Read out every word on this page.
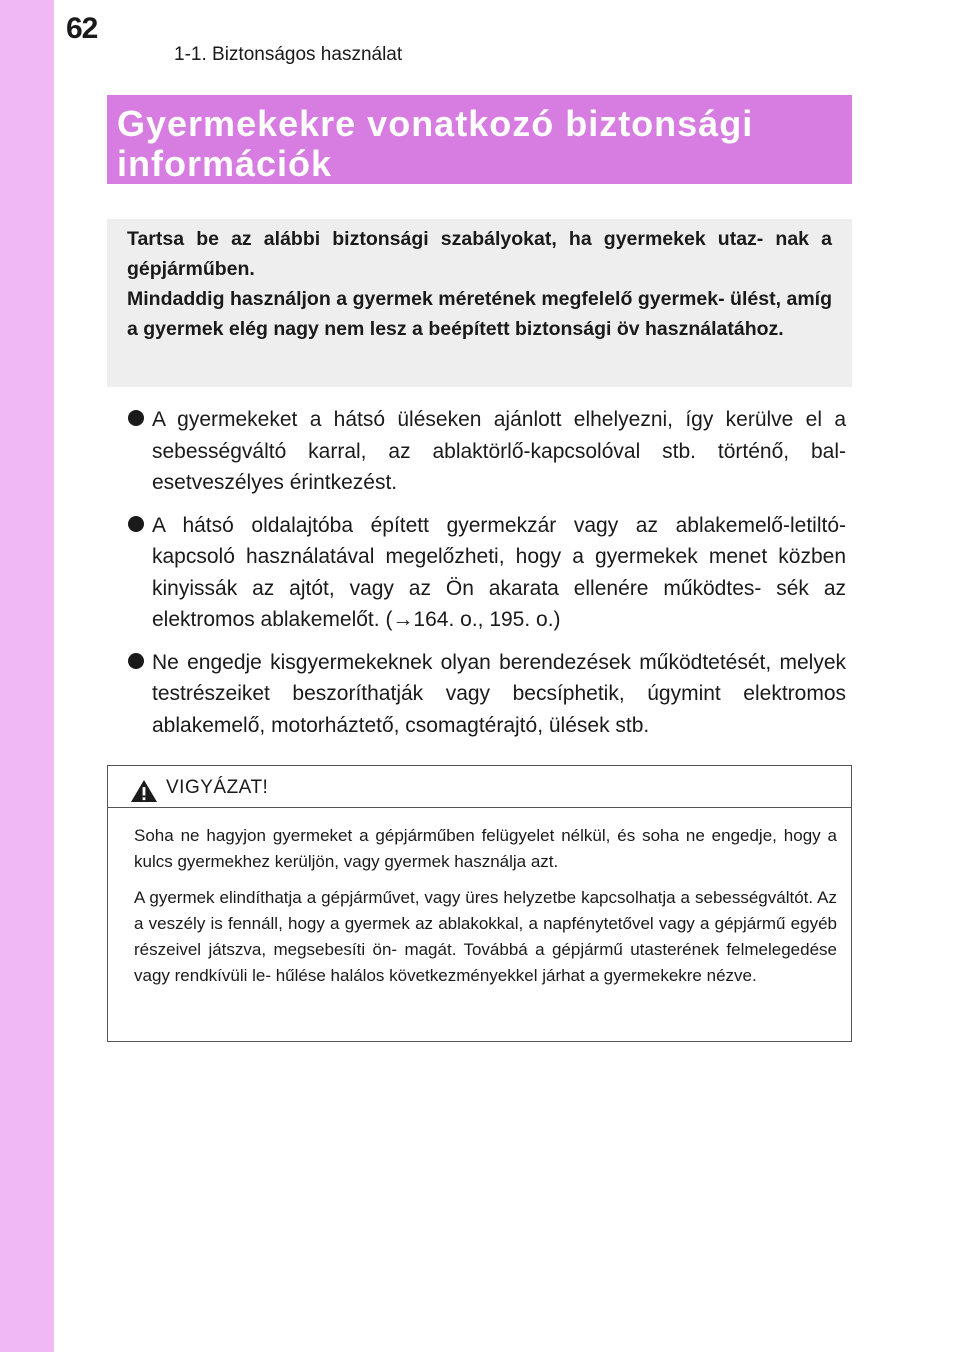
62
1-1. Biztonságos használat
Gyermekekre vonatkozó biztonsági
információk
Tartsa be az alábbi biztonsági szabályokat, ha gyermekek utaz- nak a gépjárműben.
Mindaddig használjon a gyermek méretének megfelelő gyermek- ülést, amíg a gyermek elég nagy nem lesz a beépített biztonsági öv használatához.
A gyermekeket a hátsó üléseken ajánlott elhelyezni, így kerülve el a sebességváltó karral, az ablaktörlő-kapcsolóval stb. történő, bal- esetveszélyes érintkezést.
A hátsó oldalajtóba épített gyermekzár vagy az ablakemelő-letiltó- kapcsoló használatával megelőzheti, hogy a gyermekek menet közben kinyissák az ajtót, vagy az Ön akarata ellenére működtes- sék az elektromos ablakemelőt. (→164. o., 195. o.)
Ne engedje kisgyermekeknek olyan berendezések működtetését, melyek testrészeiket beszoríthatják vagy becsíphetik, úgymint elektromos ablakemelő, motorháztető, csomagtérajtó, ülések stb.
VIGYÁZAT!

Soha ne hagyjon gyermeket a gépjárműben felügyelet nélkül, és soha ne engedje, hogy a kulcs gyermekhez kerüljön, vagy gyermek használja azt.

A gyermek elindíthatja a gépjárművet, vagy üres helyzetbe kapcsolhatja a sebességváltót. Az a veszély is fennáll, hogy a gyermek az ablakokkal, a napfénytetővel vagy a gépjármű egyéb részeivel játszva, megsebesíti ön- magát. Továbbá a gépjármű utasterének felmelegedése vagy rendkívüli le- hűlése halálos következményekkel járhat a gyermekekre nézve.
